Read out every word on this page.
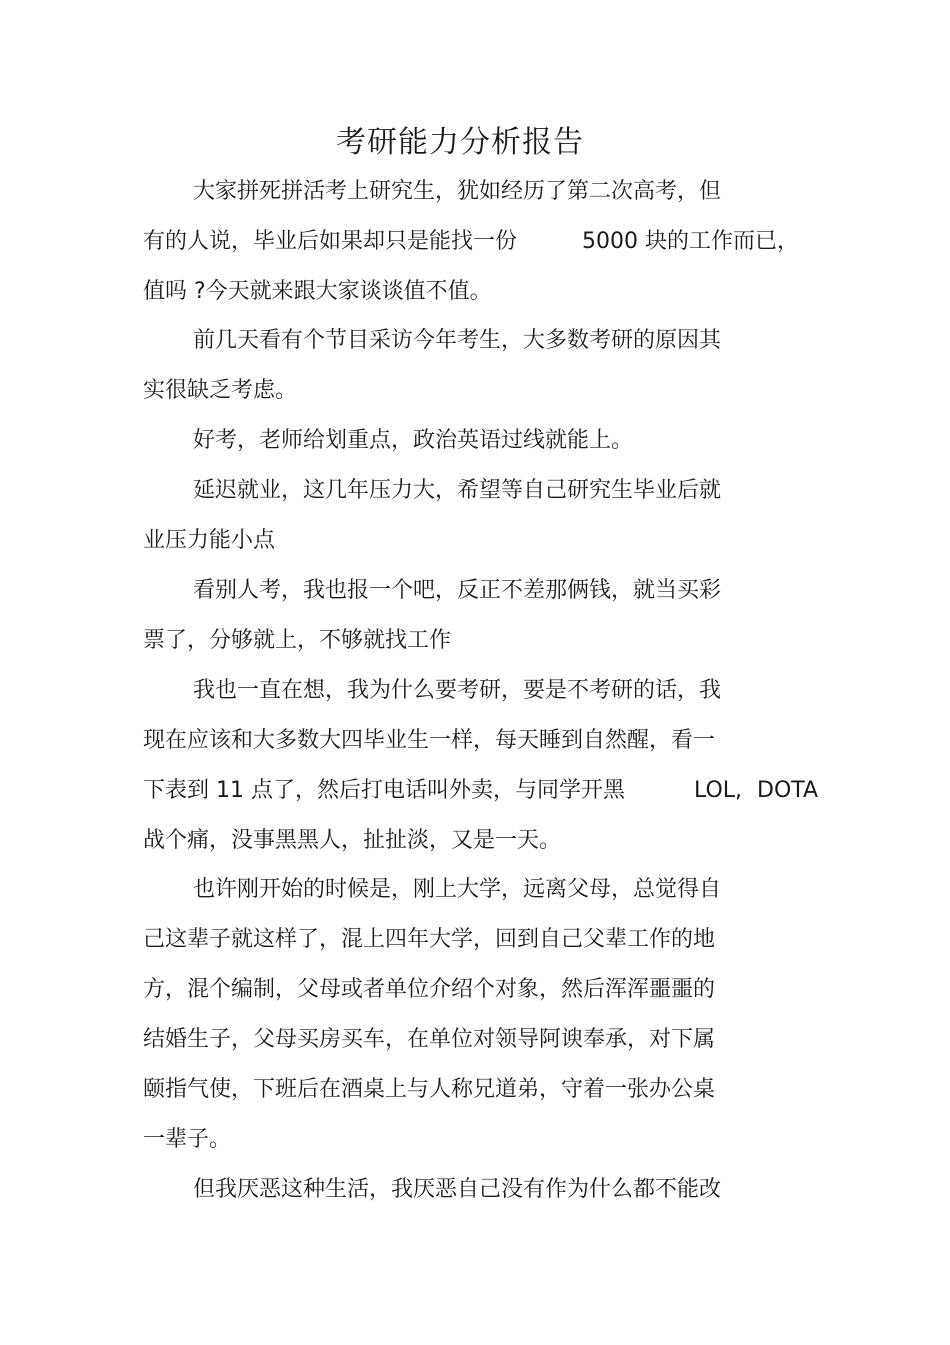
考研能力分析报告

大家拼死拼活考上研究生，犹如经历了第二次高考，但

有的人说，毕业后如果却只是能找一份	5000 块的工作而已，

值吗 ?今天就来跟大家谈谈值不值。

前几天看有个节目采访今年考生，大多数考研的原因其

实很缺乏考虑。

好考，老师给划重点，政治英语过线就能上。

延迟就业，这几年压力大，希望等自己研究生毕业后就

业压力能小点

看别人考，我也报一个吧，反正不差那俩钱，就当买彩

票了，分够就上，不够就找工作

我也一直在想，我为什么要考研，要是不考研的话，我

现在应该和大多数大四毕业生一样，每天睡到自然醒，看一

下表到 11 点了，然后打电话叫外卖，与同学开黑	LOL, DOTA

战个痛，没事黑黑人，扯扯淡，又是一天。

也许刚开始的时候是，刚上大学，远离父母，总觉得自

己这辈子就这样了，混上四年大学，回到自己父辈工作的地

方，混个编制，父母或者单位介绍个对象，然后浑浑噩噩的

结婚生子，父母买房买车，在单位对领导阿谀奉承，对下属

颐指气使，下班后在酒桌上与人称兄道弟，守着一张办公桌

一辈子。

但我厌恶这种生活，我厌恶自己没有作为什么都不能改
